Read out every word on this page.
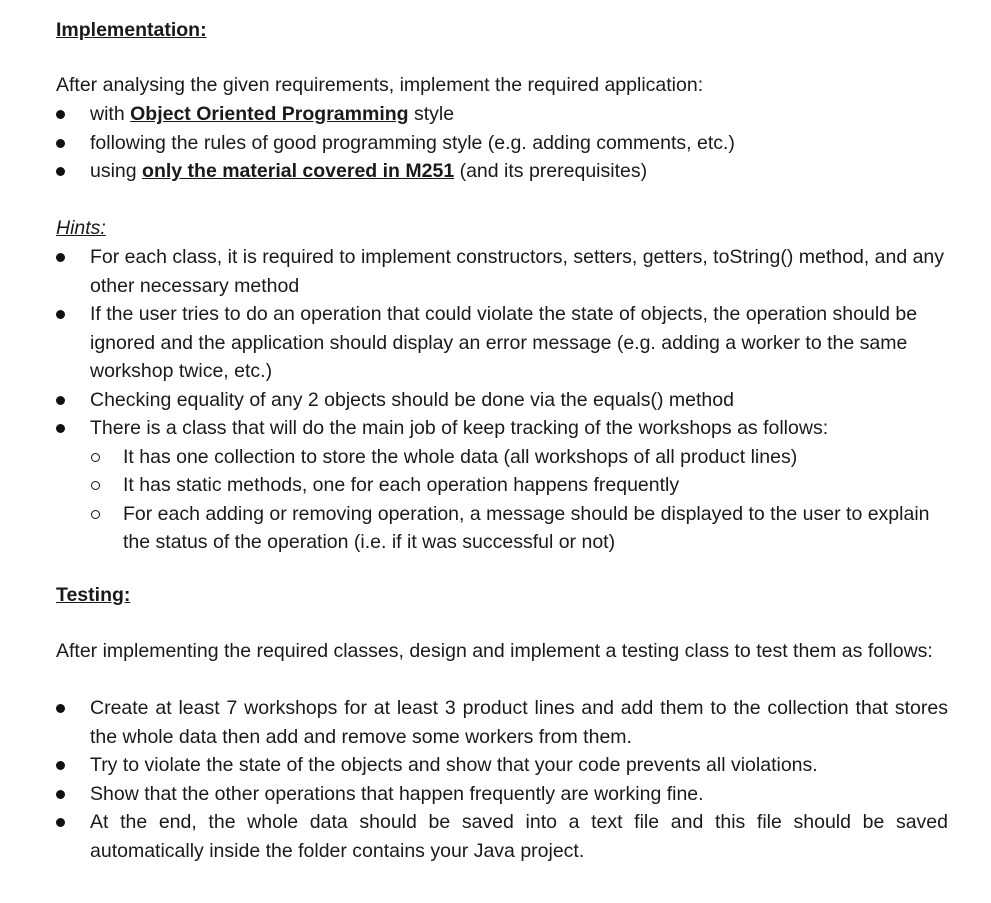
Implementation:

After analysing the given requirements, implement the required application:

with Object Oriented Programming style
following the rules of good programming style (e.g. adding comments, etc.)
using only the material covered in M251 (and its prerequisites)
Hints:
For each class, it is required to implement constructors, setters, getters, toString() method, and any other necessary method
If the user tries to do an operation that could violate the state of objects, the operation should be ignored and the application should display an error message (e.g. adding a worker to the same workshop twice, etc.)
Checking equality of any 2 objects should be done via the equals() method
There is a class that will do the main job of keep tracking of the workshops as follows:
It has one collection to store the whole data (all workshops of all product lines)
It has static methods, one for each operation happens frequently
For each adding or removing operation, a message should be displayed to the user to explain the status of the operation (i.e. if it was successful or not)
Testing:

After implementing the required classes, design and implement a testing class to test them as follows:

Create at least 7 workshops for at least 3 product lines and add them to the collection that stores the whole data then add and remove some workers from them.
Try to violate the state of the objects and show that your code prevents all violations.
Show that the other operations that happen frequently are working fine.
At the end, the whole data should be saved into a text file and this file should be saved automatically inside the folder contains your Java project.
